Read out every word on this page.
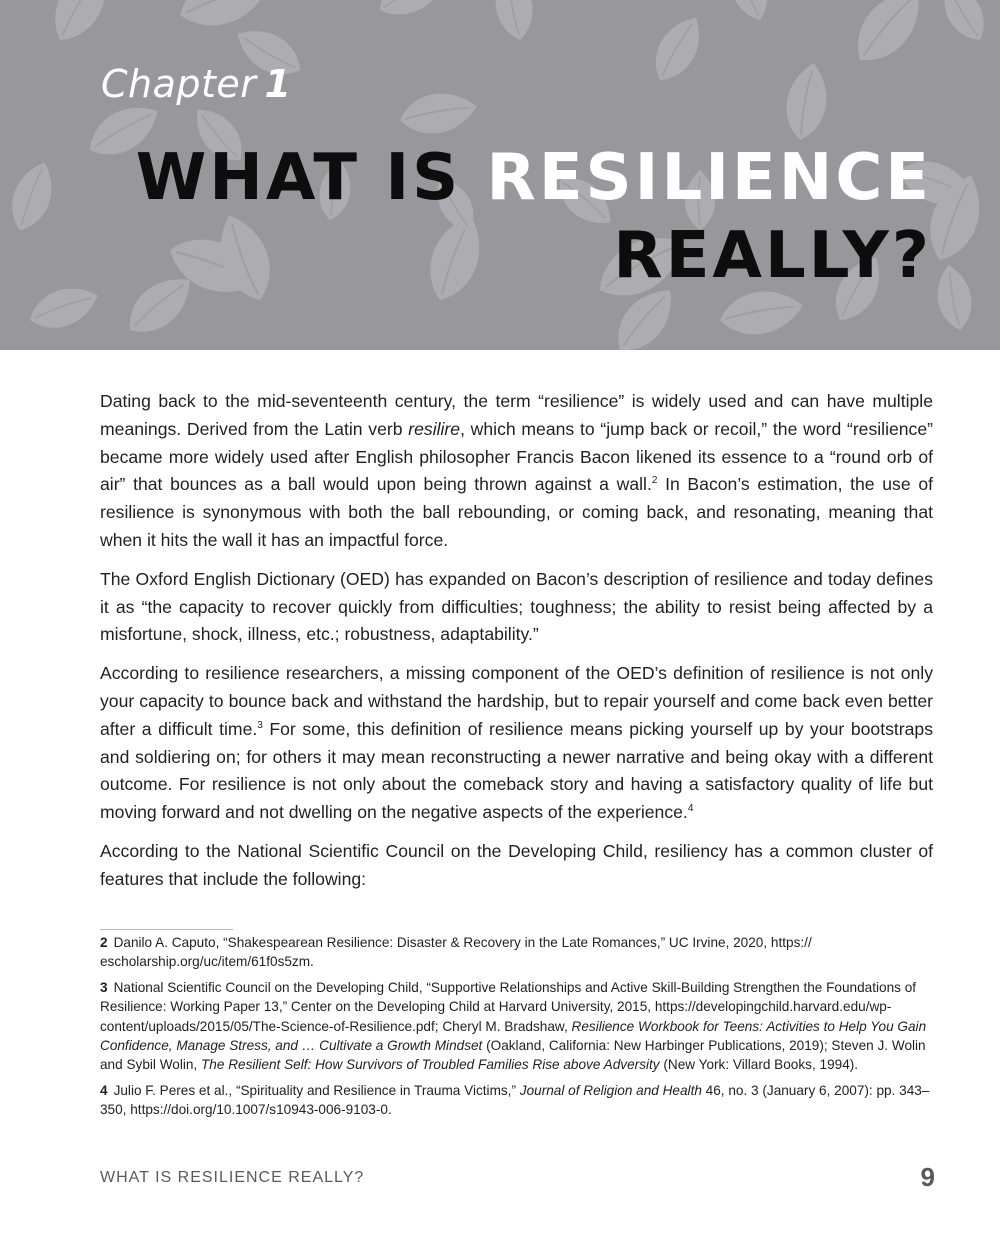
Chapter 1
WHAT IS RESILIENCE
REALLY?

Dating back to the mid-seventeenth century, the term “resilience” is widely used and can have multiple meanings. Derived from the Latin verb resilire, which means to “jump back or recoil,” the word “resilience” became more widely used after English philosopher Francis Bacon likened its essence to a “round orb of air” that bounces as a ball would upon being thrown against a wall.$^2$ In Bacon’s estimation, the use of resilience is synonymous with both the ball rebounding, or coming back, and resonating, meaning that when it hits the wall it has an impactful force.

The Oxford English Dictionary (OED) has expanded on Bacon’s description of resilience and today defines it as “the capacity to recover quickly from difficulties; toughness; the ability to resist being affected by a misfortune, shock, illness, etc.; robustness, adaptability.”

According to resilience researchers, a missing component of the OED’s definition of resilience is not only your capacity to bounce back and withstand the hardship, but to repair yourself and come back even better after a difficult time.$^3$ For some, this definition of resilience means picking yourself up by your bootstraps and soldiering on; for others it may mean reconstructing a newer narrative and being okay with a different outcome. For resilience is not only about the comeback story and having a satisfactory quality of life but moving forward and not dwelling on the negative aspects of the experience.$^4$

According to the National Scientific Council on the Developing Child, resiliency has a common cluster of features that include the following:

2 Danilo A. Caputo, “Shakespearean Resilience: Disaster & Recovery in the Late Romances,” UC Irvine, 2020, https://​escholarship.org/uc/item/61f0s5zm.

3 National Scientific Council on the Developing Child, “Supportive Relationships and Active Skill-Building Strengthen the Foundations of Resilience: Working Paper 13,” Center on the Developing Child at Harvard University, 2015, https://​developingchild.harvard.edu/wp-content/uploads/2015/05/The-Science-of-Resilience.pdf; Cheryl M. Bradshaw, Resilience Workbook for Teens: Activities to Help You Gain Confidence, Manage Stress, and … Cultivate a Growth Mindset (Oakland, California: New Harbinger Publications, 2019); Steven J. Wolin and Sybil Wolin, The Resilient Self: How Survivors of Troubled Families Rise above Adversity (New York: Villard Books, 1994).

4 Julio F. Peres et al., “Spirituality and Resilience in Trauma Victims,” Journal of Religion and Health 46, no. 3 (January 6, 2007): pp. 343–350, https://doi.org/10.1007/s10943-006-9103-0.

WHAT IS RESILIENCE REALLY?	9
